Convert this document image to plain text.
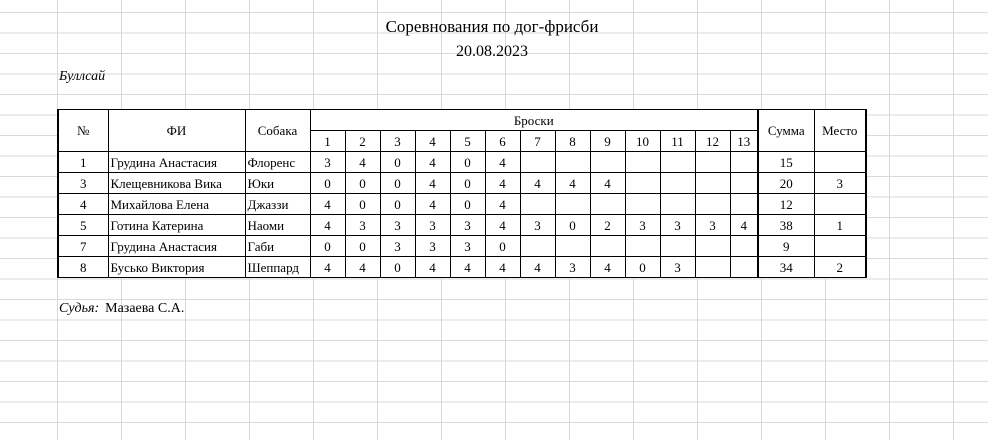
Соревнования по дог-фрисби
20.08.2023
Буллсай
№	ФИ	Собака	Броски													Сумма	Место
			1	2	3	4	5	6	7	8	9	10	11	12	13		
1	Грудина Анастасия	Флоренс	3	4	0	4	0	4								15	
3	Клещевникова Вика	Юки	0	0	0	4	0	4	4	4	4					20	3
4	Михайлова Елена	Джаззи	4	0	0	4	0	4								12	
5	Готина Катерина	Наоми	4	3	3	3	3	4	3	0	2	3	3	3	4	38	1
7	Грудина Анастасия	Габи	0	0	3	3	3	0								9	
8	Бусько Виктория	Шеппард	4	4	0	4	4	4	4	3	4	0	3			34	2
Судья: Мазаева С.А.
